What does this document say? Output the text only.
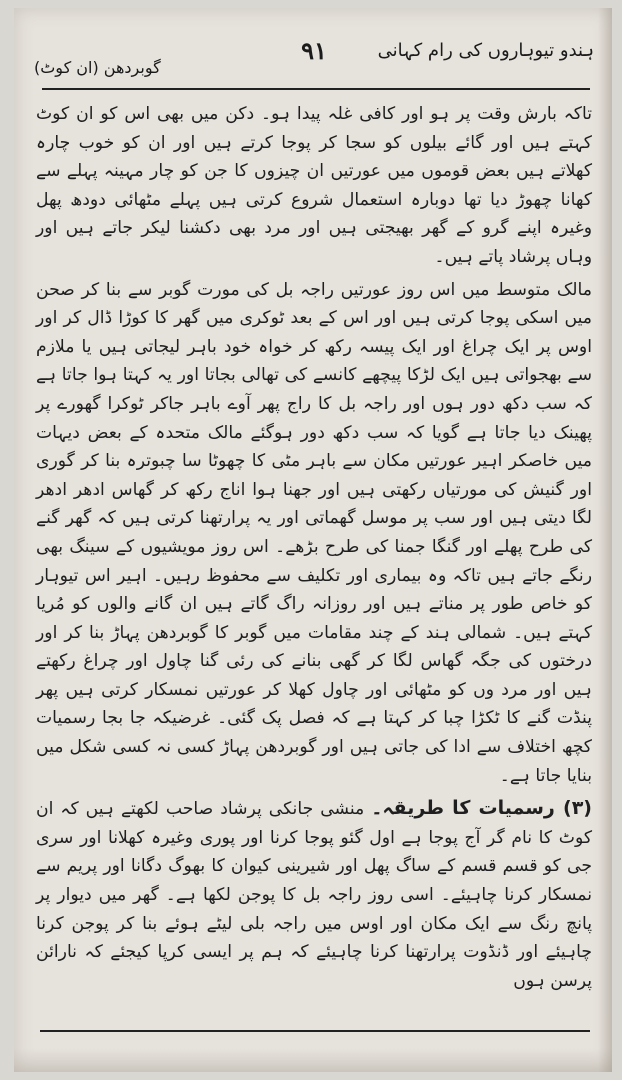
ہندو تیوہاروں کی رام کہانی
۹۱
گوبردھن (ان کوٹ)

تاکہ بارش وقت پر ہو اور کافی غلہ پیدا ہو۔ دکن میں بھی اس کو ان کوٹ کہتے ہیں اور گائے بیلوں کو سجا کر پوجا کرتے ہیں اور ان کو خوب چارہ کھلاتے ہیں بعض قوموں میں عورتیں ان چیزوں کا جن کو چار مہینہ پہلے سے کھانا چھوڑ دیا تھا دوبارہ استعمال شروع کرتی ہیں پہلے مٹھائی دودھ پھل وغیرہ اپنے گرو کے گھر بھیجتی ہیں اور مرد بھی دکشنا لیکر جاتے ہیں اور وہاں پرشاد پاتے ہیں۔

مالک متوسط میں اس روز عورتیں راجہ بل کی مورت گوبر سے بنا کر صحن میں اسکی پوجا کرتی ہیں اور اس کے بعد ٹوکری میں گھر کا کوڑا ڈال کر اور اوس پر ایک چراغ اور ایک پیسہ رکھ کر خواہ خود باہر لیجاتی ہیں یا ملازم سے بھجواتی ہیں ایک لڑکا پیچھے کانسے کی تھالی بجاتا اور یہ کہتا ہوا جاتا ہے کہ سب دکھ دور ہوں اور راجہ بل کا راج پھر آوے باہر جاکر ٹوکرا گھورے پر پھینک دیا جاتا ہے گویا کہ سب دکھ دور ہوگئے مالک متحدہ کے بعض دیہات میں خاصکر اہیر عورتیں مکان سے باہر مٹی کا چھوٹا سا چبوترہ بنا کر گوری اور گنیش کی مورتیاں رکھتی ہیں اور جھنا ہوا اناج رکھ کر گھاس ادھر ادھر لگا دیتی ہیں اور سب پر موسل گھماتی اور یہ پرارتھنا کرتی ہیں کہ گھر گنے کی طرح پھلے اور گنگا جمنا کی طرح بڑھے۔ اس روز مویشیوں کے سینگ بھی رنگے جاتے ہیں تاکہ وہ بیماری اور تکلیف سے محفوظ رہیں۔ اہیر اس تیوہار کو خاص طور پر مناتے ہیں اور روزانہ راگ گاتے ہیں ان گانے والوں کو مُریا کہتے ہیں۔ شمالی ہند کے چند مقامات میں گوبر کا گوبردھن پہاڑ بنا کر اور درختوں کی جگہ گھاس لگا کر گھی بنانے کی رئی گنا چاول اور چراغ رکھتے ہیں اور مرد وں کو مٹھائی اور چاول کھلا کر عورتیں نمسکار کرتی ہیں پھر پنڈت گنے کا ٹکڑا چبا کر کہتا ہے کہ فصل پک گئی۔ غرضیکہ جا بجا رسمیات کچھ اختلاف سے ادا کی جاتی ہیں اور گوبردھن پہاڑ کسی نہ کسی شکل میں بنایا جاتا ہے۔

(۳) رسمیات کا طریقہ۔ منشی جانکی پرشاد صاحب لکھتے ہیں کہ ان کوٹ کا نام گر آج پوجا ہے اول گئو پوجا کرنا اور پوری وغیرہ کھلانا اور سری جی کو قسم قسم کے ساگ پھل اور شیرینی کیوان کا بھوگ دگانا اور پریم سے نمسکار کرنا چاہیئے۔ اسی روز راجہ بل کا پوجن لکھا ہے۔ گھر میں دیوار پر پانچ رنگ سے ایک مکان اور اوس میں راجہ بلی لیٹے ہوئے بنا کر پوجن کرنا چاہیئے اور ڈنڈوت پرارتھنا کرنا چاہیئے کہ ہم پر ایسی کرپا کیجئے کہ نارائن پرسن ہوں
